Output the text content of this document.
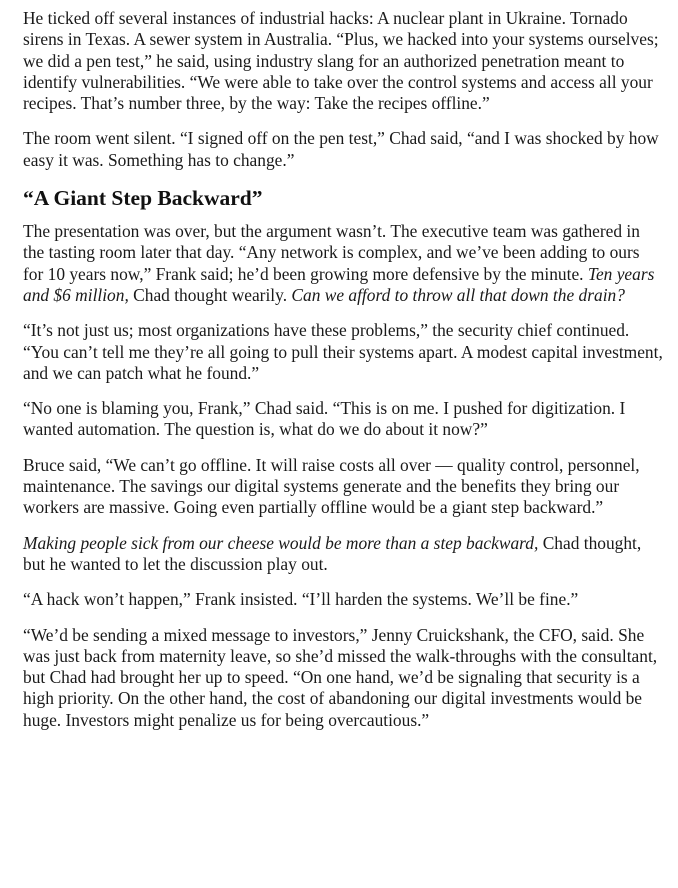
He ticked off several instances of industrial hacks: A nuclear plant in Ukraine. Tornado sirens in Texas. A sewer system in Australia. “Plus, we hacked into your systems ourselves; we did a pen test,” he said, using industry slang for an authorized penetration meant to identify vulnerabilities. “We were able to take over the control systems and access all your recipes. That’s number three, by the way: Take the recipes offline.”

The room went silent. “I signed off on the pen test,” Chad said, “and I was shocked by how easy it was. Something has to change.”

“A Giant Step Backward”

The presentation was over, but the argument wasn’t. The executive team was gathered in the tasting room later that day. “Any network is complex, and we’ve been adding to ours for 10 years now,” Frank said; he’d been growing more defensive by the minute. Ten years and $6 million, Chad thought wearily. Can we afford to throw all that down the drain?

“It’s not just us; most organizations have these problems,” the security chief continued. “You can’t tell me they’re all going to pull their systems apart. A modest capital investment, and we can patch what he found.”

“No one is blaming you, Frank,” Chad said. “This is on me. I pushed for digitization. I wanted automation. The question is, what do we do about it now?”

Bruce said, “We can’t go offline. It will raise costs all over — quality control, personnel, maintenance. The savings our digital systems generate and the benefits they bring our workers are massive. Going even partially offline would be a giant step backward.”

Making people sick from our cheese would be more than a step backward, Chad thought, but he wanted to let the discussion play out.

“A hack won’t happen,” Frank insisted. “I’ll harden the systems. We’ll be fine.”

“We’d be sending a mixed message to investors,” Jenny Cruickshank, the CFO, said. She was just back from maternity leave, so she’d missed the walk-throughs with the consultant, but Chad had brought her up to speed. “On one hand, we’d be signaling that security is a high priority. On the other hand, the cost of abandoning our digital investments would be huge. Investors might penalize us for being overcautious.”
